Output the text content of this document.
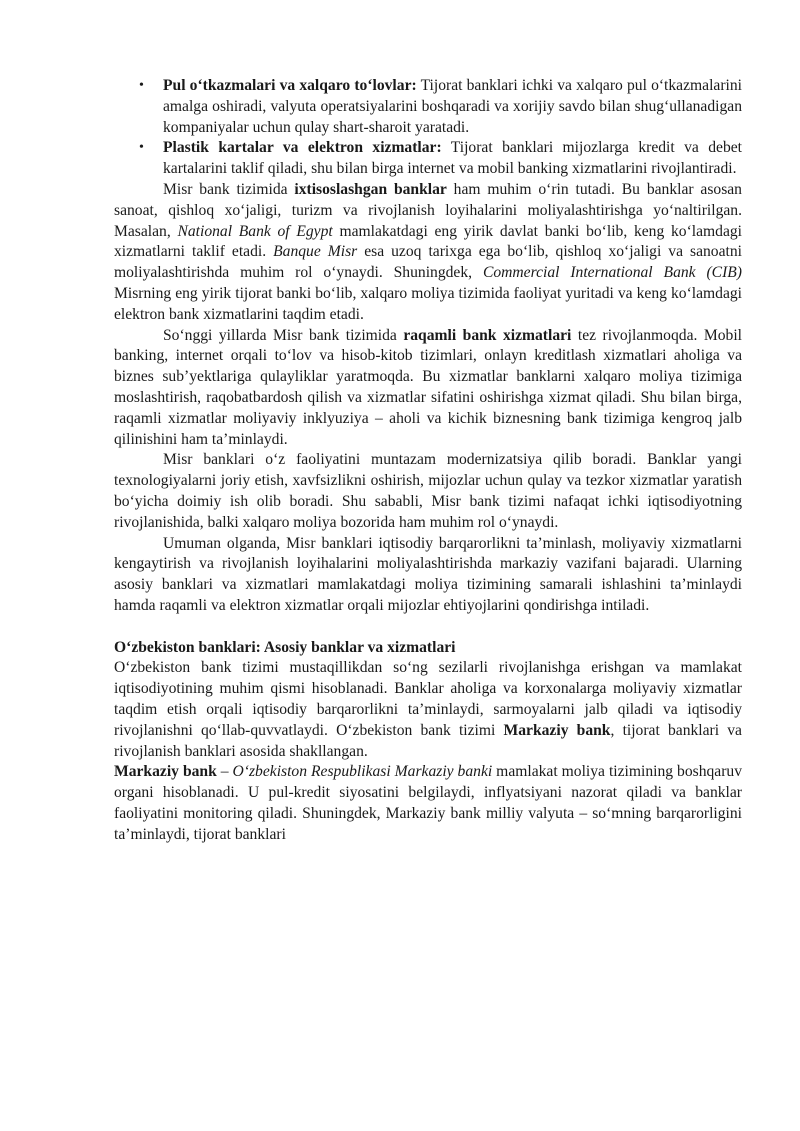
• Pul o‘tkazmalari va xalqaro to‘lovlar: Tijorat banklari ichki va xalqaro pul o‘tkazmalarini amalga oshiradi, valyuta operatsiyalarini boshqaradi va xorijiy savdo bilan shug‘ullanadigan kompaniyalar uchun qulay shart-sharoit yaratadi.
• Plastik kartalar va elektron xizmatlar: Tijorat banklari mijozlarga kredit va debet kartalarini taklif qiladi, shu bilan birga internet va mobil banking xizmatlarini rivojlantiradi.

Misr bank tizimida ixtisoslashgan banklar ham muhim o‘rin tutadi. Bu banklar asosan sanoat, qishloq xo‘jaligi, turizm va rivojlanish loyihalarini moliyalashtirishga yo‘naltirilgan. Masalan, National Bank of Egypt mamlakatdagi eng yirik davlat banki bo‘lib, keng ko‘lamdagi xizmatlarni taklif etadi. Banque Misr esa uzoq tarixga ega bo‘lib, qishloq xo‘jaligi va sanoatni moliyalashtirishda muhim rol o‘ynaydi. Shuningdek, Commercial International Bank (CIB) Misrning eng yirik tijorat banki bo‘lib, xalqaro moliya tizimida faoliyat yuritadi va keng ko‘lamdagi elektron bank xizmatlarini taqdim etadi.

So‘nggi yillarda Misr bank tizimida raqamli bank xizmatlari tez rivojlanmoqda. Mobil banking, internet orqali to‘lov va hisob-kitob tizimlari, onlayn kreditlash xizmatlari aholiga va biznes sub’yektlariga qulayliklar yaratmoqda. Bu xizmatlar banklarni xalqaro moliya tizimiga moslashtirish, raqobatbardosh qilish va xizmatlar sifatini oshirishga xizmat qiladi. Shu bilan birga, raqamli xizmatlar moliyaviy inklyuziya – aholi va kichik biznesning bank tizimiga kengroq jalb qilinishini ham ta’minlaydi.

Misr banklari o‘z faoliyatini muntazam modernizatsiya qilib boradi. Banklar yangi texnologiyalarni joriy etish, xavfsizlikni oshirish, mijozlar uchun qulay va tezkor xizmatlar yaratish bo‘yicha doimiy ish olib boradi. Shu sababli, Misr bank tizimi nafaqat ichki iqtisodiyotning rivojlanishida, balki xalqaro moliya bozorida ham muhim rol o‘ynaydi.

Umuman olganda, Misr banklari iqtisodiy barqarorlikni ta’minlash, moliyaviy xizmatlarni kengaytirish va rivojlanish loyihalarini moliyalashtirishda markaziy vazifani bajaradi. Ularning asosiy banklari va xizmatlari mamlakatdagi moliya tizimining samarali ishlashini ta’minlaydi hamda raqamli va elektron xizmatlar orqali mijozlar ehtiyojlarini qondirishga intiladi.

O‘zbekiston banklari: Asosiy banklar va xizmatlari

O‘zbekiston bank tizimi mustaqillikdan so‘ng sezilarli rivojlanishga erishgan va mamlakat iqtisodiyotining muhim qismi hisoblanadi. Banklar aholiga va korxonalarga moliyaviy xizmatlar taqdim etish orqali iqtisodiy barqarorlikni ta’minlaydi, sarmoyalarni jalb qiladi va iqtisodiy rivojlanishni qo‘llab-quvvatlaydi. O‘zbekiston bank tizimi Markaziy bank, tijorat banklari va rivojlanish banklari asosida shakllangan.

Markaziy bank – O‘zbekiston Respublikasi Markaziy banki mamlakat moliya tizimining boshqaruv organi hisoblanadi. U pul-kredit siyosatini belgilaydi, inflyatsiyani nazorat qiladi va banklar faoliyatini monitoring qiladi. Shuningdek, Markaziy bank milliy valyuta – so‘mning barqarorligini ta’minlaydi, tijorat banklari
